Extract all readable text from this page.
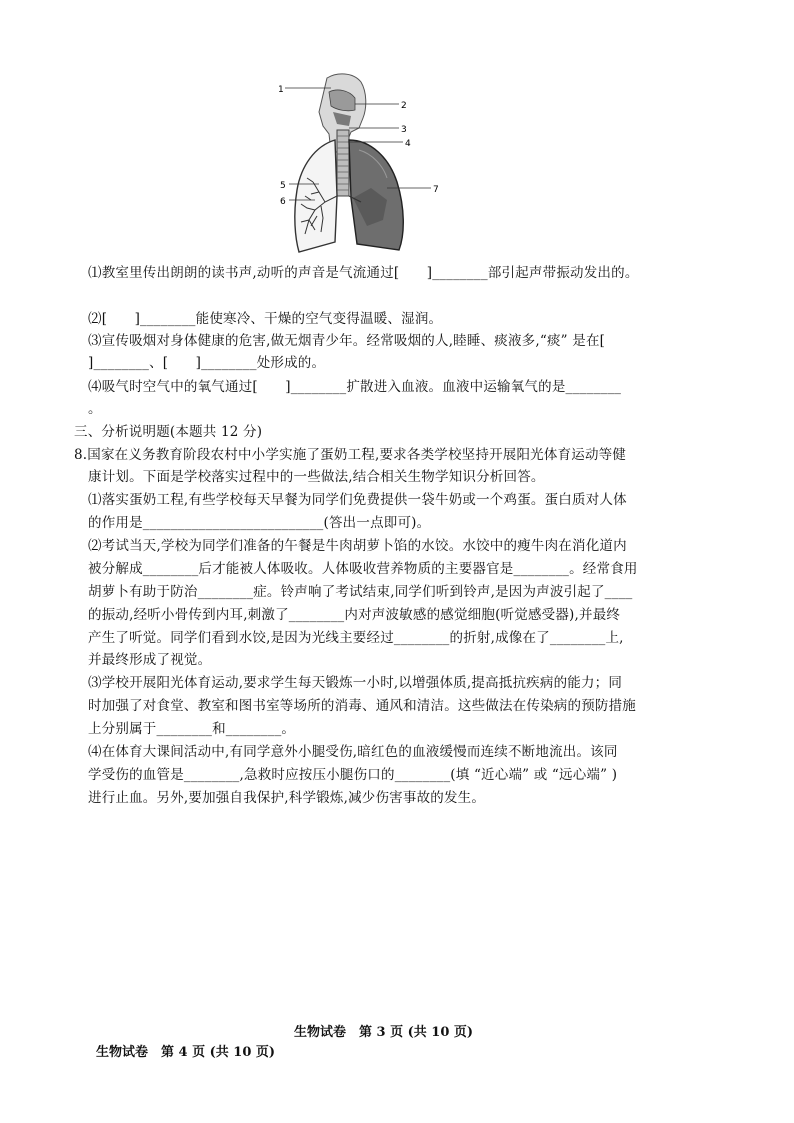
1
2
3
4
5
6
7
⑴教室里传出朗朗的读书声,动听的声音是气流通过[　　]________部引起声带振动发出的。
⑵[　　]________能使寒冷、干燥的空气变得温暖、湿润。
⑶宣传吸烟对身体健康的危害,做无烟青少年。经常吸烟的人,睦睡、痰液多,“痰” 是在[
]________、[　　]________处形成的。
⑷吸气时空气中的氧气通过[　　]________扩散进入血液。血液中运输氧气的是________
。
三、分析说明题(本题共 12 分)
8.国家在义务教育阶段农村中小学实施了蛋奶工程,要求各类学校坚持开展阳光体育运动等健
康计划。下面是学校落实过程中的一些做法,结合相关生物学知识分析回答。
⑴落实蛋奶工程,有些学校每天早餐为同学们免费提供一袋牛奶或一个鸡蛋。蛋白质对人体
的作用是__________________________(答出一点即可)。
⑵考试当天,学校为同学们准备的午餐是牛肉胡萝卜馅的水饺。水饺中的瘦牛肉在消化道内
被分解成________后才能被人体吸收。人体吸收营养物质的主要器官是________。经常食用
胡萝卜有助于防治________症。铃声响了考试结束,同学们听到铃声,是因为声波引起了____
的振动,经听小骨传到内耳,刺激了________内对声波敏感的感觉细胞(听觉感受器),并最终
产生了听觉。同学们看到水饺,是因为光线主要经过________的折射,成像在了________上,
并最终形成了视觉。
⑶学校开展阳光体育运动,要求学生每天锻炼一小时,以增强体质,提高抵抗疾病的能力；同
时加强了对食堂、教室和图书室等场所的消毒、通风和清洁。这些做法在传染病的预防措施
上分别属于________和________。
⑷在体育大课间活动中,有同学意外小腿受伤,暗红色的血液缓慢而连续不断地流出。该同
学受伤的血管是________,急救时应按压小腿伤口的________(填 “近心端” 或 “远心端” )
进行止血。另外,要加强自我保护,科学锻炼,减少伤害事故的发生。
生物试卷　第 3 页 (共 10 页)
生物试卷　第 4 页 (共 10 页)
